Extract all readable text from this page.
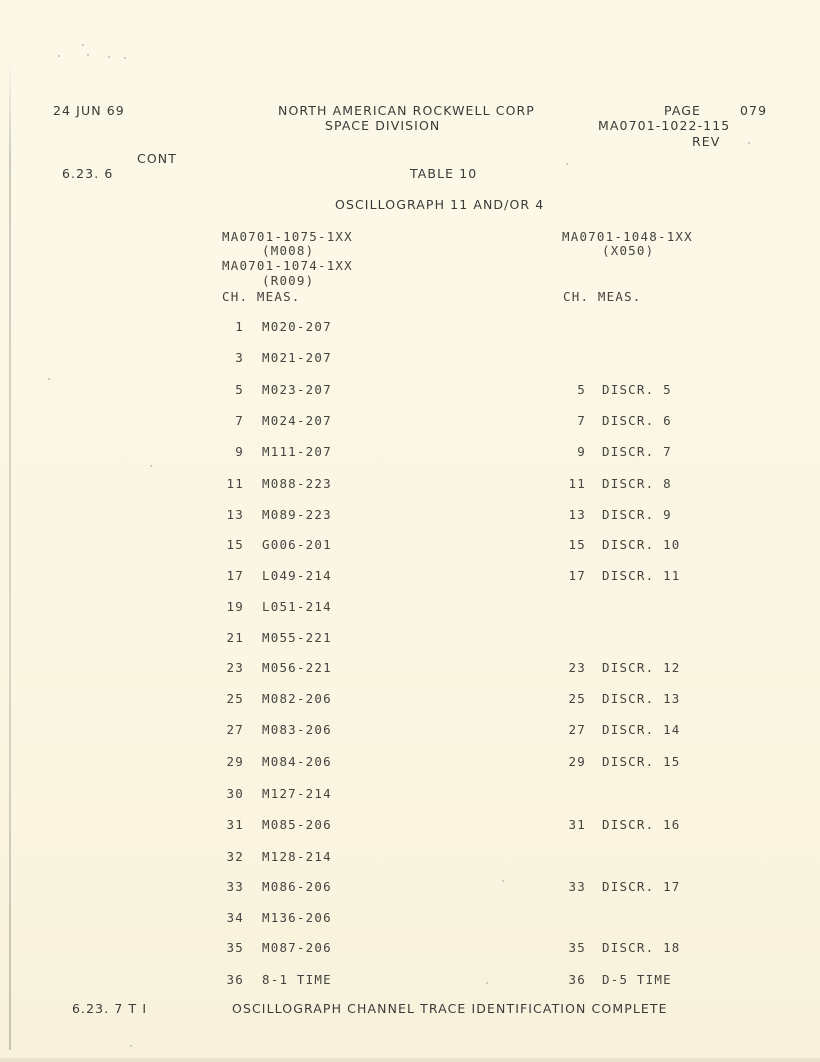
24 JUN 69	NORTH AMERICAN ROCKWELL CORP
SPACE DIVISION
PAGE	079
MA0701-1022-115
REV
CONT
6.23. 6	TABLE 10
OSCILLOGRAPH 11 AND/OR 4
MA0701-1075-1XX
(M008)
MA0701-1074-1XX
(R009)
CH. MEAS.
MA0701-1048-1XX
(X050)
CH. MEAS.
1 M020-207
3 M021-207
5 M023-207	5 DISCR. 5
7 M024-207	7 DISCR. 6
9 M111-207	9 DISCR. 7
11 M088-223	11 DISCR. 8
13 M089-223	13 DISCR. 9
15 G006-201	15 DISCR. 10
17 L049-214	17 DISCR. 11
19 L051-214
21 M055-221
23 M056-221	23 DISCR. 12
25 M082-206	25 DISCR. 13
27 M083-206	27 DISCR. 14
29 M084-206	29 DISCR. 15
30 M127-214
31 M085-206	31 DISCR. 16
32 M128-214
33 M086-206	33 DISCR. 17
34 M136-206
35 M087-206	35 DISCR. 18
36 8-1 TIME	36 D-5 TIME
6.23. 7 T I	OSCILLOGRAPH CHANNEL TRACE IDENTIFICATION COMPLETE
